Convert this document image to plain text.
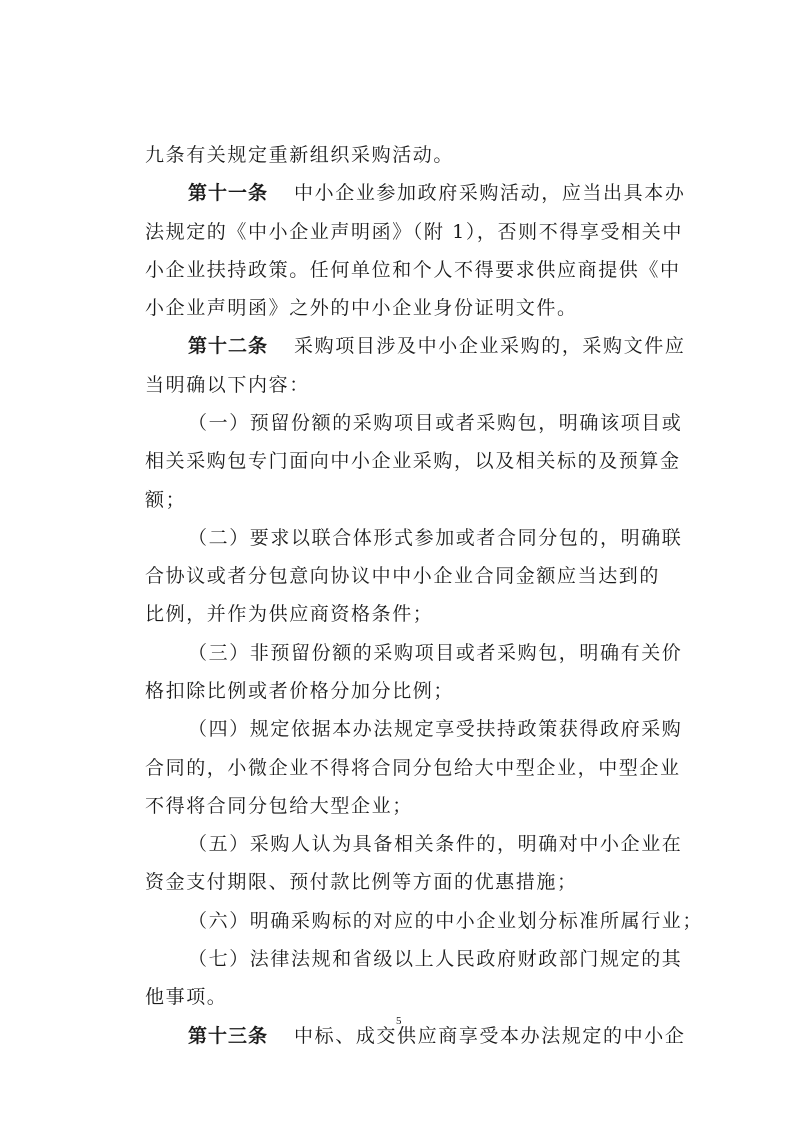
九条有关规定重新组织采购活动。
第十一条 中小企业参加政府采购活动，应当出具本办
法规定的《中小企业声明函》（附 1），否则不得享受相关中
小企业扶持政策。任何单位和个人不得要求供应商提供《中
小企业声明函》之外的中小企业身份证明文件。
第十二条 采购项目涉及中小企业采购的，采购文件应
当明确以下内容：
（一）预留份额的采购项目或者采购包，明确该项目或
相关采购包专门面向中小企业采购，以及相关标的及预算金
额；
（二）要求以联合体形式参加或者合同分包的，明确联
合协议或者分包意向协议中中小企业合同金额应当达到的
比例，并作为供应商资格条件；
（三）非预留份额的采购项目或者采购包，明确有关价
格扣除比例或者价格分加分比例；
（四）规定依据本办法规定享受扶持政策获得政府采购
合同的，小微企业不得将合同分包给大中型企业，中型企业
不得将合同分包给大型企业；
（五）采购人认为具备相关条件的，明确对中小企业在
资金支付期限、预付款比例等方面的优惠措施；
（六）明确采购标的对应的中小企业划分标准所属行业；
（七）法律法规和省级以上人民政府财政部门规定的其
他事项。
第十三条 中标、成交供应商享受本办法规定的中小企
5
